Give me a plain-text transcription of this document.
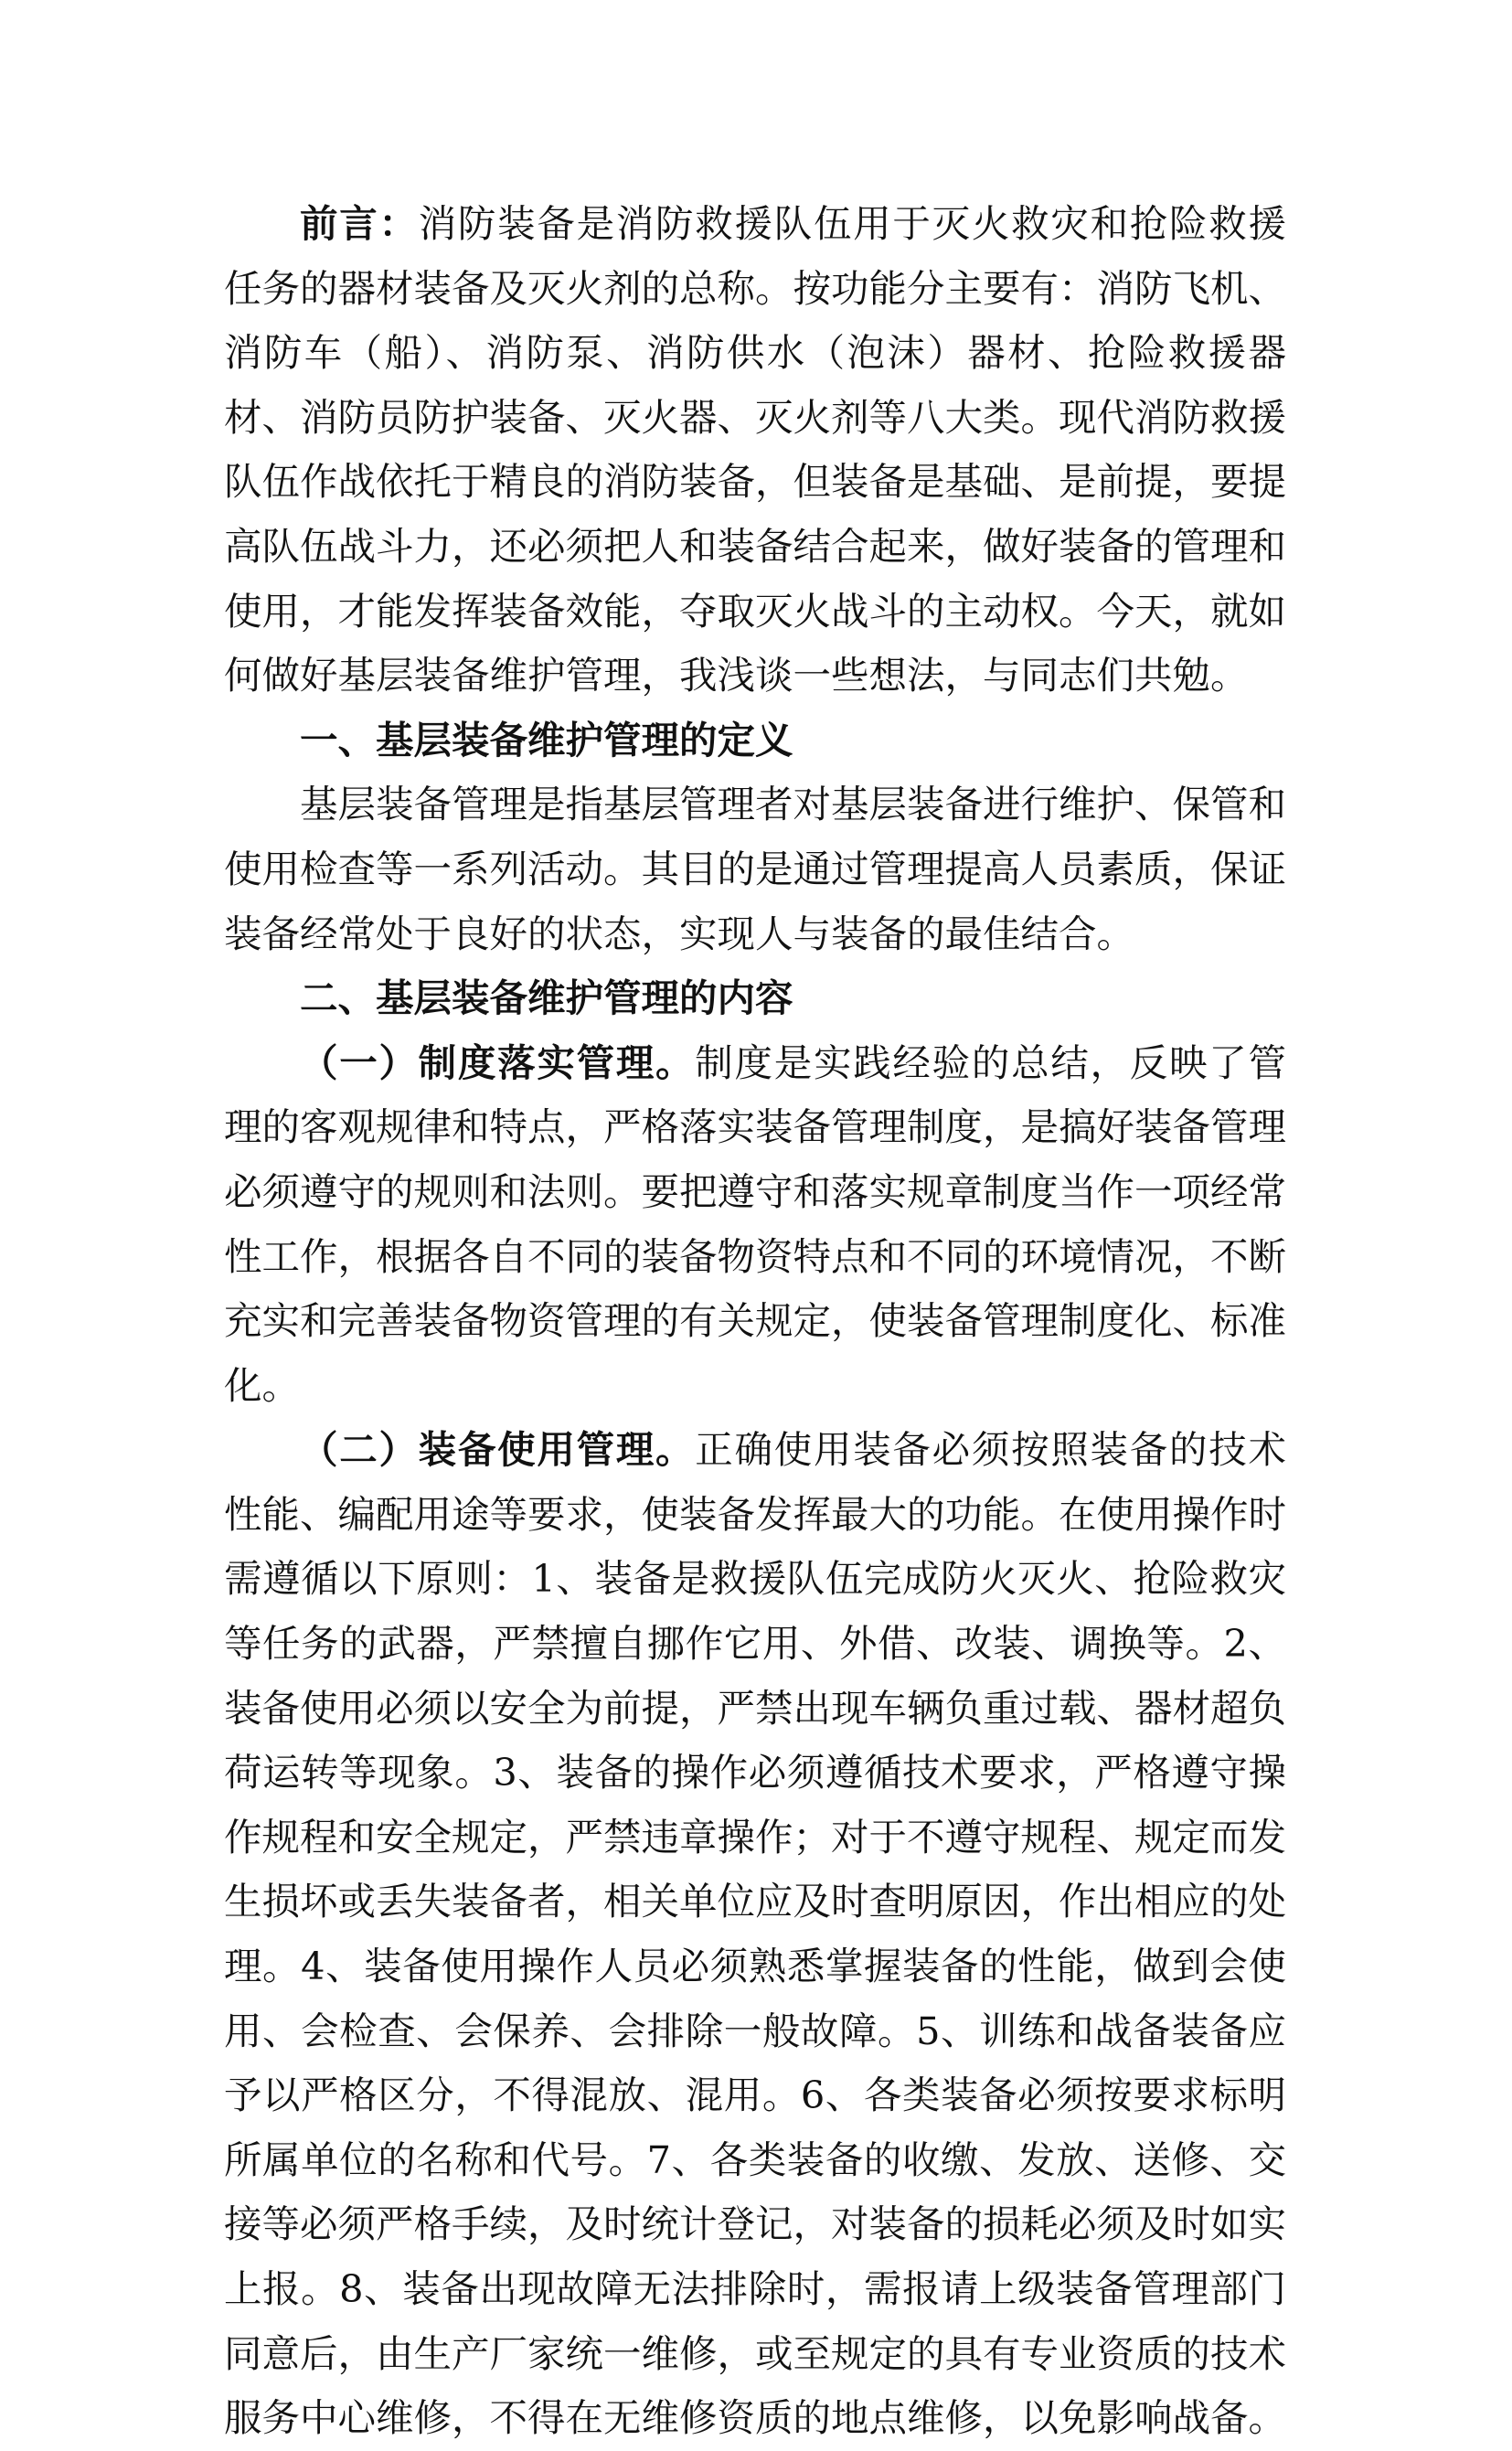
前言：消防装备是消防救援队伍用于灭火救灾和抢险救援任务的器材装备及灭火剂的总称。按功能分主要有：消防飞机、消防车（船）、消防泵、消防供水（泡沫）器材、抢险救援器材、消防员防护装备、灭火器、灭火剂等八大类。现代消防救援队伍作战依托于精良的消防装备，但装备是基础、是前提，要提高队伍战斗力，还必须把人和装备结合起来，做好装备的管理和使用，才能发挥装备效能，夺取灭火战斗的主动权。今天，就如何做好基层装备维护管理，我浅谈一些想法，与同志们共勉。

一、基层装备维护管理的定义

基层装备管理是指基层管理者对基层装备进行维护、保管和使用检查等一系列活动。其目的是通过管理提高人员素质，保证装备经常处于良好的状态，实现人与装备的最佳结合。

二、基层装备维护管理的内容

（一）制度落实管理。制度是实践经验的总结，反映了管理的客观规律和特点，严格落实装备管理制度，是搞好装备管理必须遵守的规则和法则。要把遵守和落实规章制度当作一项经常性工作，根据各自不同的装备物资特点和不同的环境情况，不断充实和完善装备物资管理的有关规定，使装备管理制度化、标准化。

（二）装备使用管理。正确使用装备必须按照装备的技术性能、编配用途等要求，使装备发挥最大的功能。在使用操作时需遵循以下原则：1、装备是救援队伍完成防火灭火、抢险救灾等任务的武器，严禁擅自挪作它用、外借、改装、调换等。2、装备使用必须以安全为前提，严禁出现车辆负重过载、器材超负荷运转等现象。3、装备的操作必须遵循技术要求，严格遵守操作规程和安全规定，严禁违章操作；对于不遵守规程、规定而发生损坏或丢失装备者，相关单位应及时查明原因，作出相应的处理。4、装备使用操作人员必须熟悉掌握装备的性能，做到会使用、会检查、会保养、会排除一般故障。5、训练和战备装备应予以严格区分，不得混放、混用。6、各类装备必须按要求标明所属单位的名称和代号。7、各类装备的收缴、发放、送修、交接等必须严格手续，及时统计登记，对装备的损耗必须及时如实上报。8、装备出现故障无法排除时，需报请上级装备管理部门同意后，由生产厂家统一维修，或至规定的具有专业资质的技术服务中心维修，不得在无维修资质的地点维修，以免影响战备。
